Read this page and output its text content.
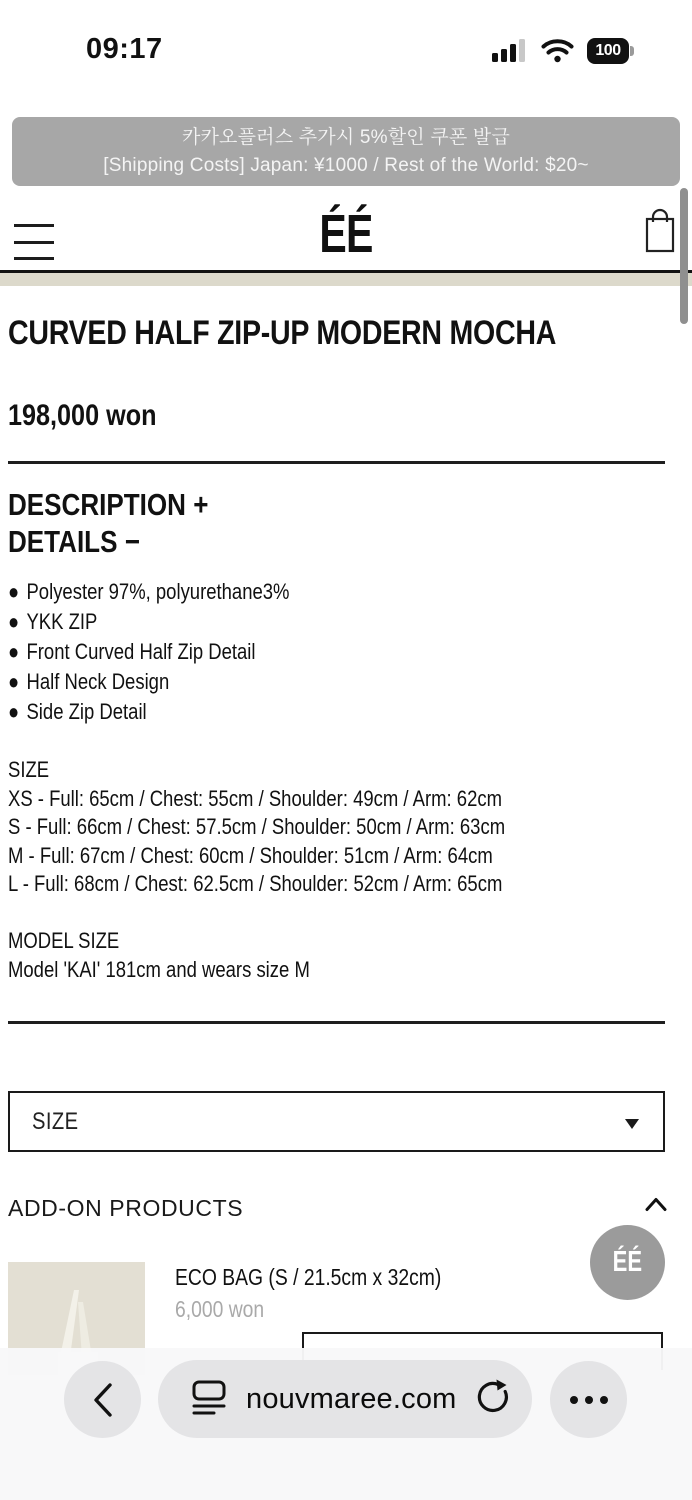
09:17	100
카카오플러스 추가시 5%할인 쿠폰 발급
[Shipping Costs] Japan: ¥1000 / Rest of the World: $20~
ÉÉ
CURVED HALF ZIP-UP MODERN MOCHA
198,000 won
DESCRIPTION +
DETAILS −
● Polyester 97%, polyurethane3%
● YKK ZIP
● Front Curved Half Zip Detail
● Half Neck Design
● Side Zip Detail
SIZE
XS - Full: 65cm / Chest: 55cm / Shoulder: 49cm / Arm: 62cm
S - Full: 66cm / Chest: 57.5cm / Shoulder: 50cm / Arm: 63cm
M - Full: 67cm / Chest: 60cm / Shoulder: 51cm / Arm: 64cm
L - Full: 68cm / Chest: 62.5cm / Shoulder: 52cm / Arm: 65cm
MODEL SIZE
Model 'KAI' 181cm and wears size M
SIZE
ADD-ON PRODUCTS
ECO BAG (S / 21.5cm x 32cm)
6,000 won
ÉÉ
nouvmaree.com
